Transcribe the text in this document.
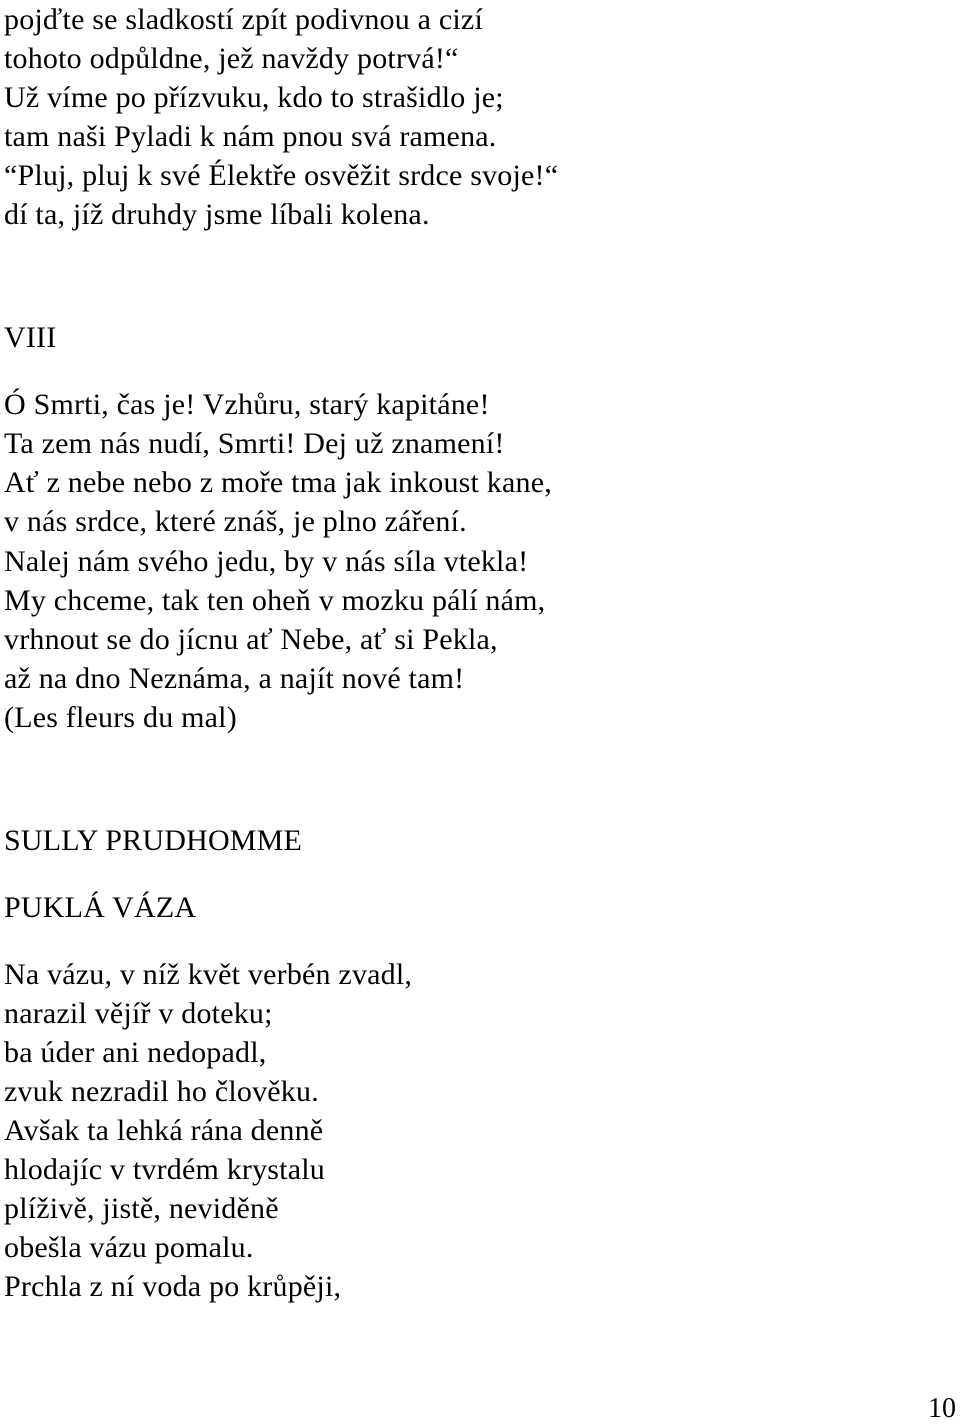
pojďte se sladkostí zpít podivnou a cizí
tohoto odpůldne, jež navždy potrvá!“
Už víme po přízvuku, kdo to strašidlo je;
tam naši Pyladi k nám pnou svá ramena.
“Pluj, pluj k své Élektře osvěžit srdce svoje!“
dí ta, jíž druhdy jsme líbali kolena.
VIII
Ó Smrti, čas je! Vzhůru, starý kapitáne!
Ta zem nás nudí, Smrti! Dej už znamení!
Ať z nebe nebo z moře tma jak inkoust kane,
v nás srdce, které znáš, je plno záření.
Nalej nám svého jedu, by v nás síla vtekla!
My chceme, tak ten oheň v mozku pálí nám,
vrhnout se do jícnu ať Nebe, ať si Pekla,
až na dno Neznáma, a najít nové tam!
(Les fleurs du mal)
SULLY PRUDHOMME
PUKLÁ VÁZA
Na vázu, v níž květ verbén zvadl,
narazil vějíř v doteku;
ba úder ani nedopadl,
zvuk nezradil ho člověku.
Avšak ta lehká rána denně
hlodajíc v tvrdém krystalu
plíživě, jistě, neviděně
obešla vázu pomalu.
Prchla z ní voda po krůpěji,
10
